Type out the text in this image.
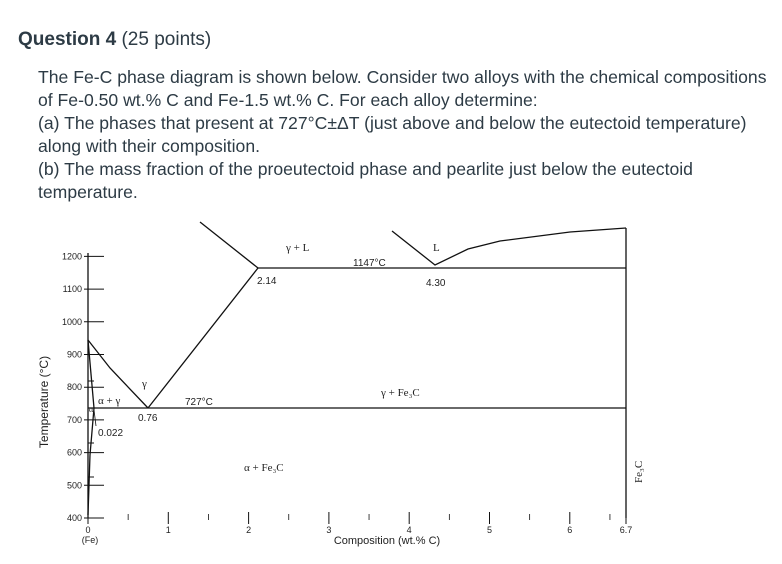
Question 4 (25 points)

The Fe-C phase diagram is shown below. Consider two alloys with the chemical compositions of Fe-0.50 wt.% C and Fe-1.5 wt.% C. For each alloy determine:

(a) The phases that present at 727°C±ΔT (just above and below the eutectoid temperature) along with their composition.

(b) The mass fraction of the proeutectoid phase and pearlite just below the eutectoid temperature.

Temperature (°C)
Composition (wt.% C)
0	1	2	3	4	5	6	6.7
(Fe)
400
500
600
700
800
900
1000
1100
1200
1147°C
4.30
2.14
727°C
0.76
0.022
γ + L	L
γ
α + γ
α
γ + Fe₃C
α + Fe₃C	Fe₃C
